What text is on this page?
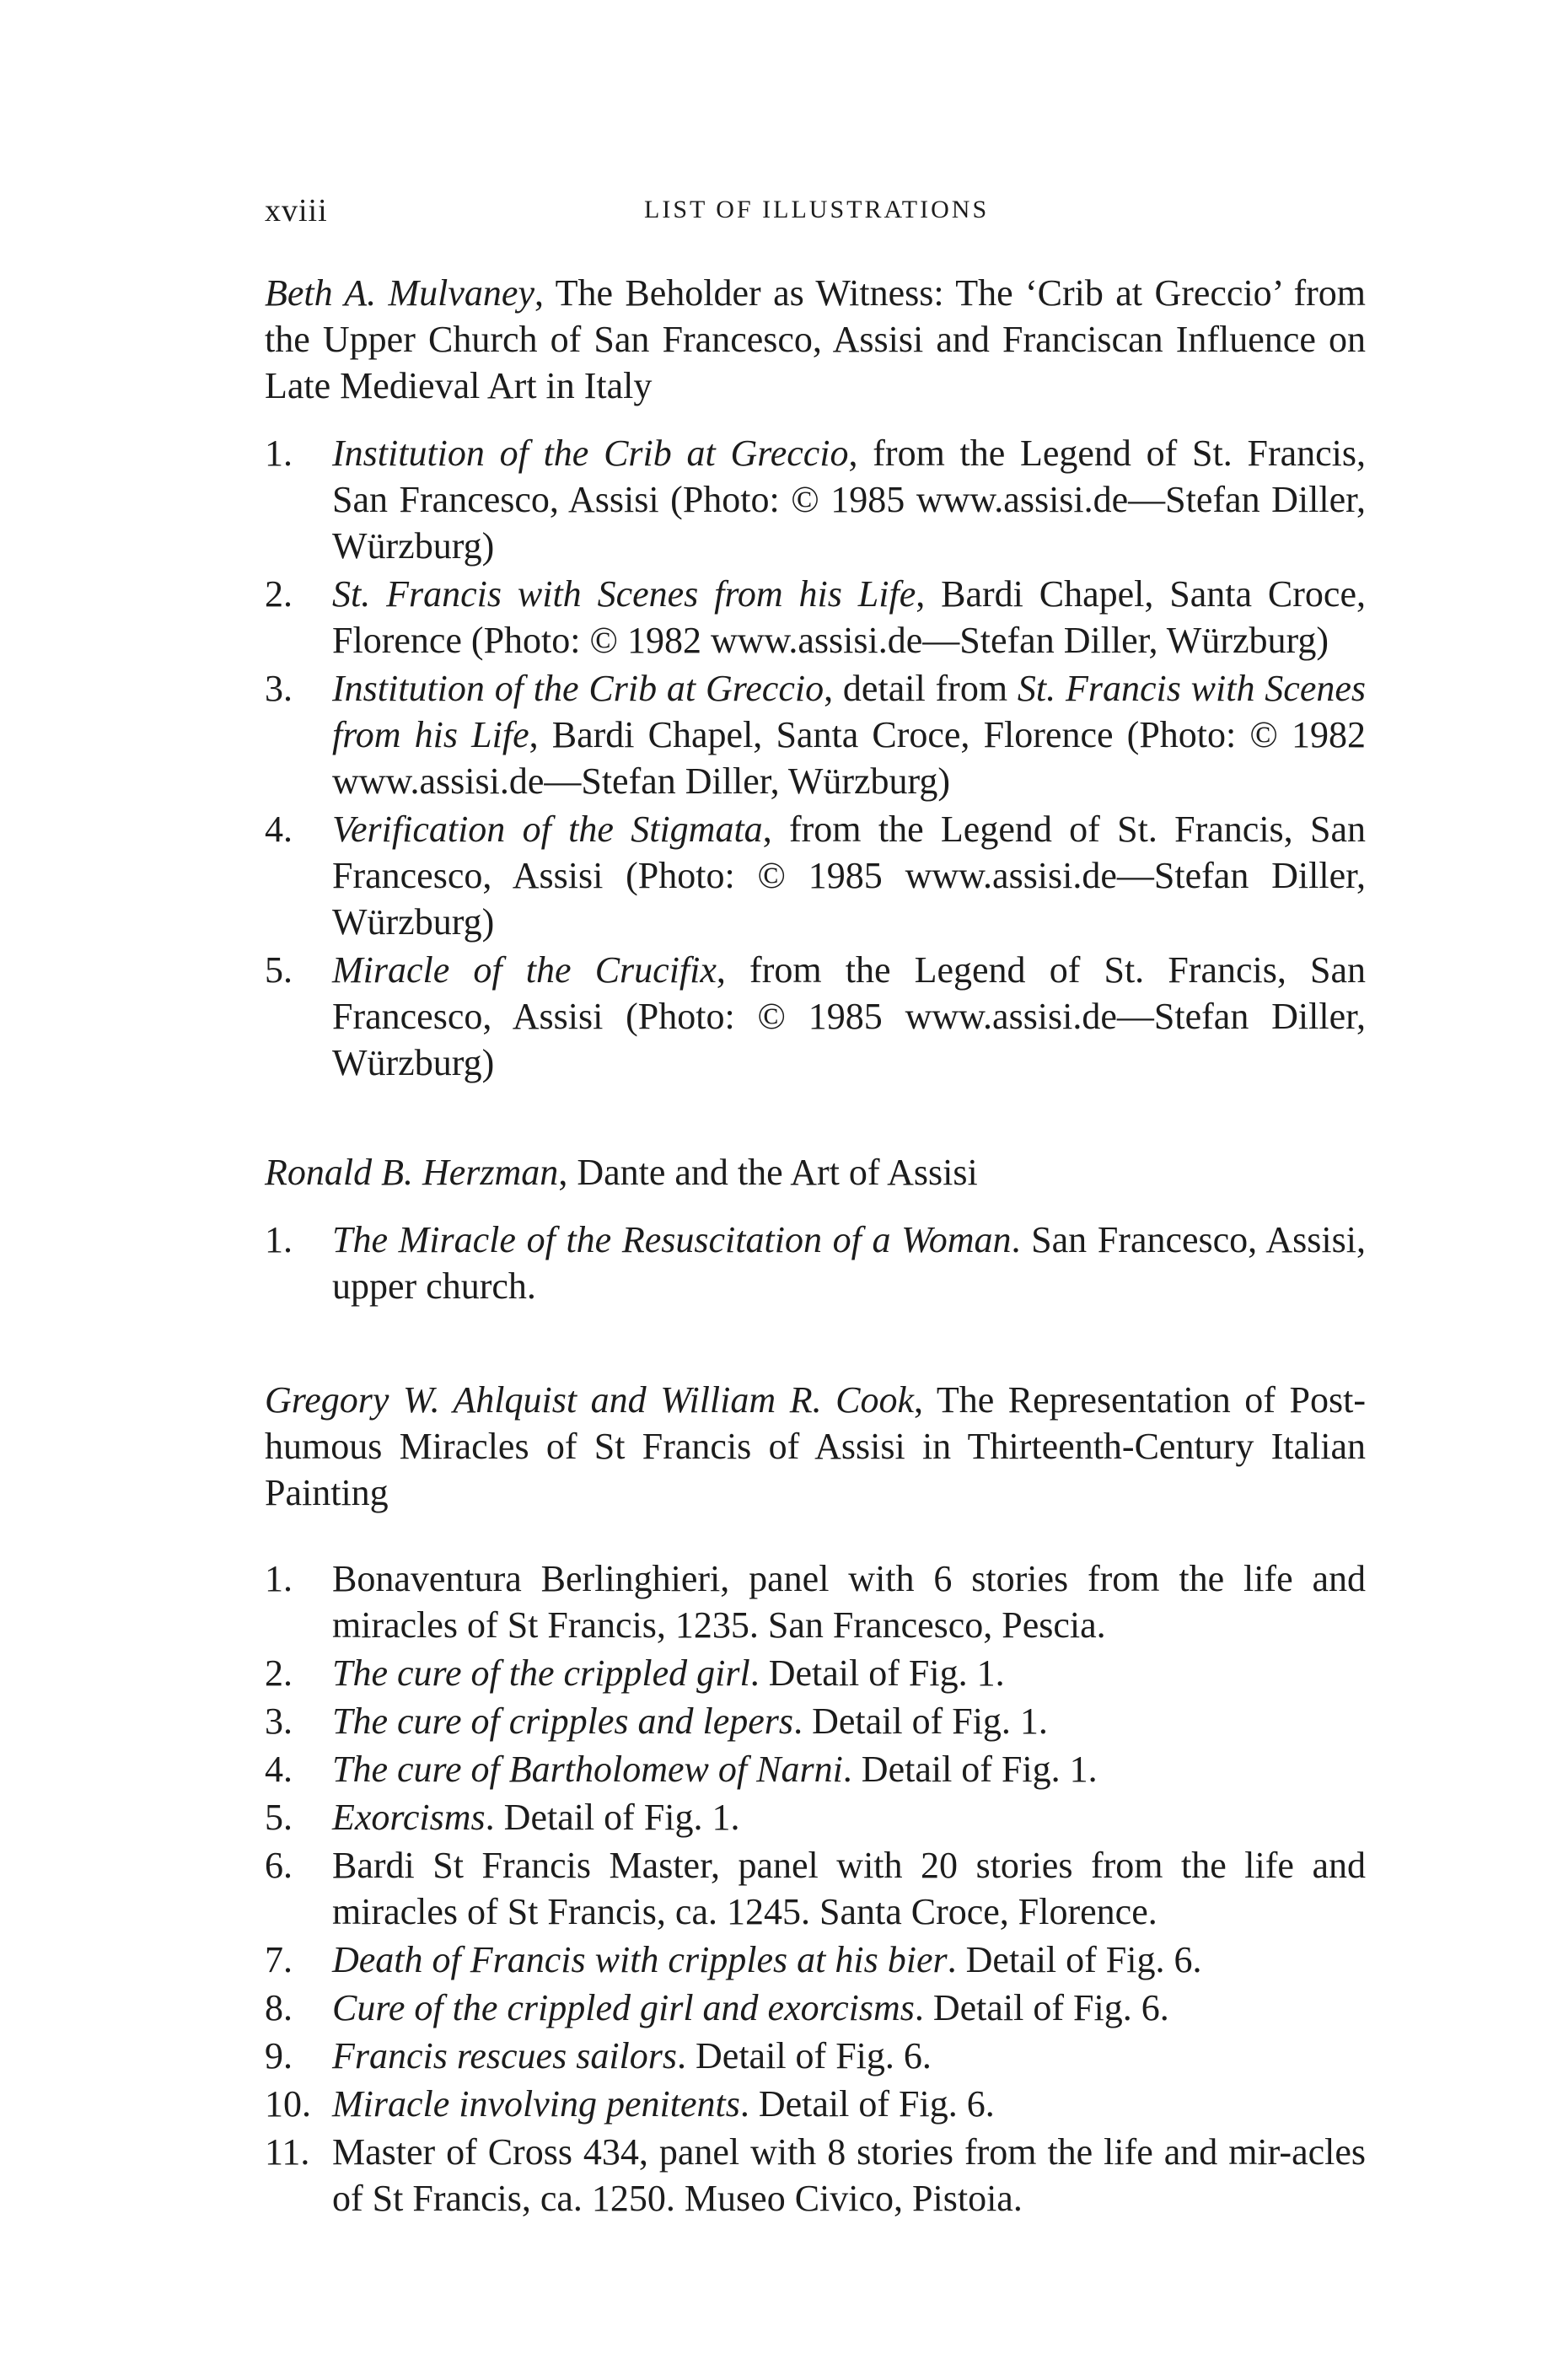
xviii	LIST OF ILLUSTRATIONS

Beth A. Mulvaney, The Beholder as Witness: The ‘Crib at Greccio’ from the Upper Church of San Francesco, Assisi and Franciscan Influence on Late Medieval Art in Italy

1.	Institution of the Crib at Greccio, from the Legend of St. Francis, San Francesco, Assisi (Photo: © 1985 www.assisi.de—Stefan Diller, Würzburg)
2.	St. Francis with Scenes from his Life, Bardi Chapel, Santa Croce, Florence (Photo: © 1982 www.assisi.de—Stefan Diller, Würzburg)
3.	Institution of the Crib at Greccio, detail from St. Francis with Scenes from his Life, Bardi Chapel, Santa Croce, Florence (Photo: © 1982 www.assisi.de—Stefan Diller, Würzburg)
4.	Verification of the Stigmata, from the Legend of St. Francis, San Francesco, Assisi (Photo: © 1985 www.assisi.de—Stefan Diller, Würzburg)
5.	Miracle of the Crucifix, from the Legend of St. Francis, San Francesco, Assisi (Photo: © 1985 www.assisi.de—Stefan Diller, Würzburg)

Ronald B. Herzman, Dante and the Art of Assisi

1.	The Miracle of the Resuscitation of a Woman. San Francesco, Assisi, upper church.

Gregory W. Ahlquist and William R. Cook, The Representation of Post-humous Miracles of St Francis of Assisi in Thirteenth-Century Italian Painting

1.	Bonaventura Berlinghieri, panel with 6 stories from the life and miracles of St Francis, 1235. San Francesco, Pescia.
2.	The cure of the crippled girl. Detail of Fig. 1.
3.	The cure of cripples and lepers. Detail of Fig. 1.
4.	The cure of Bartholomew of Narni. Detail of Fig. 1.
5.	Exorcisms. Detail of Fig. 1.
6.	Bardi St Francis Master, panel with 20 stories from the life and miracles of St Francis, ca. 1245. Santa Croce, Florence.
7.	Death of Francis with cripples at his bier. Detail of Fig. 6.
8.	Cure of the crippled girl and exorcisms. Detail of Fig. 6.
9.	Francis rescues sailors. Detail of Fig. 6.
10. Miracle involving penitents. Detail of Fig. 6.
11. Master of Cross 434, panel with 8 stories from the life and mir-acles of St Francis, ca. 1250. Museo Civico, Pistoia.
